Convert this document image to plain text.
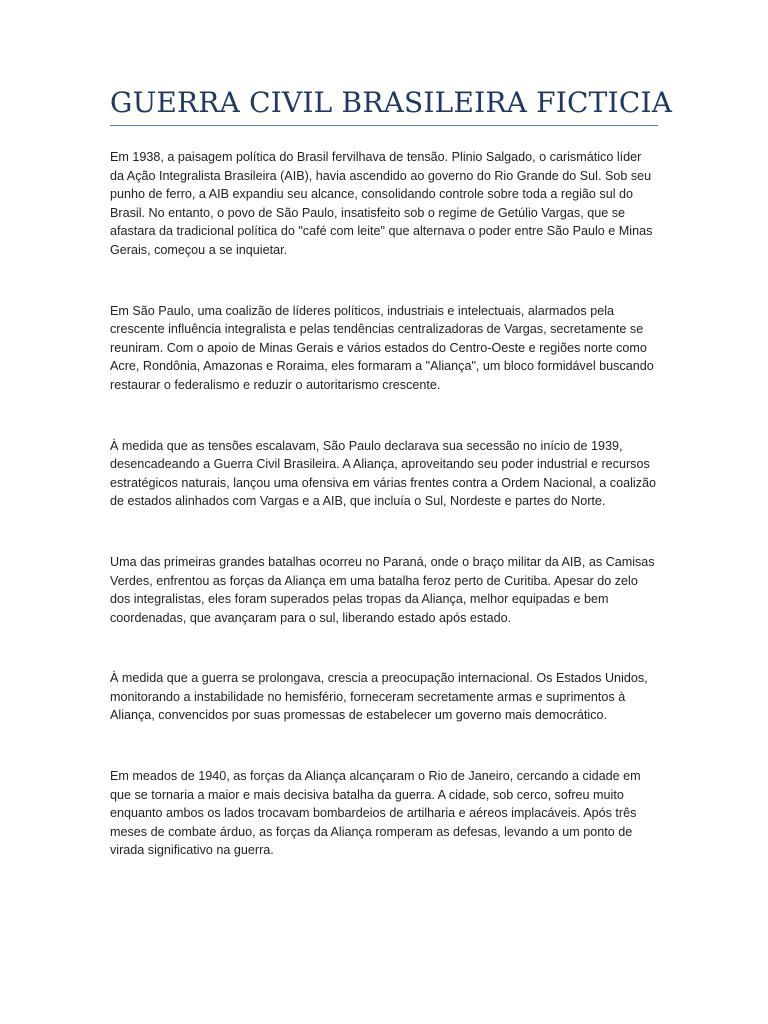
GUERRA CIVIL BRASILEIRA FICTICIA

Em 1938, a paisagem política do Brasil fervilhava de tensão. Plinio Salgado, o carismático líder da Ação Integralista Brasileira (AIB), havia ascendido ao governo do Rio Grande do Sul. Sob seu punho de ferro, a AIB expandiu seu alcance, consolidando controle sobre toda a região sul do Brasil. No entanto, o povo de São Paulo, insatisfeito sob o regime de Getúlio Vargas, que se afastara da tradicional política do "café com leite" que alternava o poder entre São Paulo e Minas Gerais, começou a se inquietar.

Em São Paulo, uma coalizão de líderes políticos, industriais e intelectuais, alarmados pela crescente influência integralista e pelas tendências centralizadoras de Vargas, secretamente se reuniram. Com o apoio de Minas Gerais e vários estados do Centro-Oeste e regiões norte como Acre, Rondônia, Amazonas e Roraima, eles formaram a "Aliança", um bloco formidável buscando restaurar o federalismo e reduzir o autoritarismo crescente.

À medida que as tensões escalavam, São Paulo declarava sua secessão no início de 1939, desencadeando a Guerra Civil Brasileira. A Aliança, aproveitando seu poder industrial e recursos estratégicos naturais, lançou uma ofensiva em várias frentes contra a Ordem Nacional, a coalizão de estados alinhados com Vargas e a AIB, que incluía o Sul, Nordeste e partes do Norte.

Uma das primeiras grandes batalhas ocorreu no Paraná, onde o braço militar da AIB, as Camisas Verdes, enfrentou as forças da Aliança em uma batalha feroz perto de Curitiba. Apesar do zelo dos integralistas, eles foram superados pelas tropas da Aliança, melhor equipadas e bem coordenadas, que avançaram para o sul, liberando estado após estado.

À medida que a guerra se prolongava, crescia a preocupação internacional. Os Estados Unidos, monitorando a instabilidade no hemisfério, forneceram secretamente armas e suprimentos à Aliança, convencidos por suas promessas de estabelecer um governo mais democrático.

Em meados de 1940, as forças da Aliança alcançaram o Rio de Janeiro, cercando a cidade em que se tornaria a maior e mais decisiva batalha da guerra. A cidade, sob cerco, sofreu muito enquanto ambos os lados trocavam bombardeios de artilharia e aéreos implacáveis. Após três meses de combate árduo, as forças da Aliança romperam as defesas, levando a um ponto de virada significativo na guerra.
